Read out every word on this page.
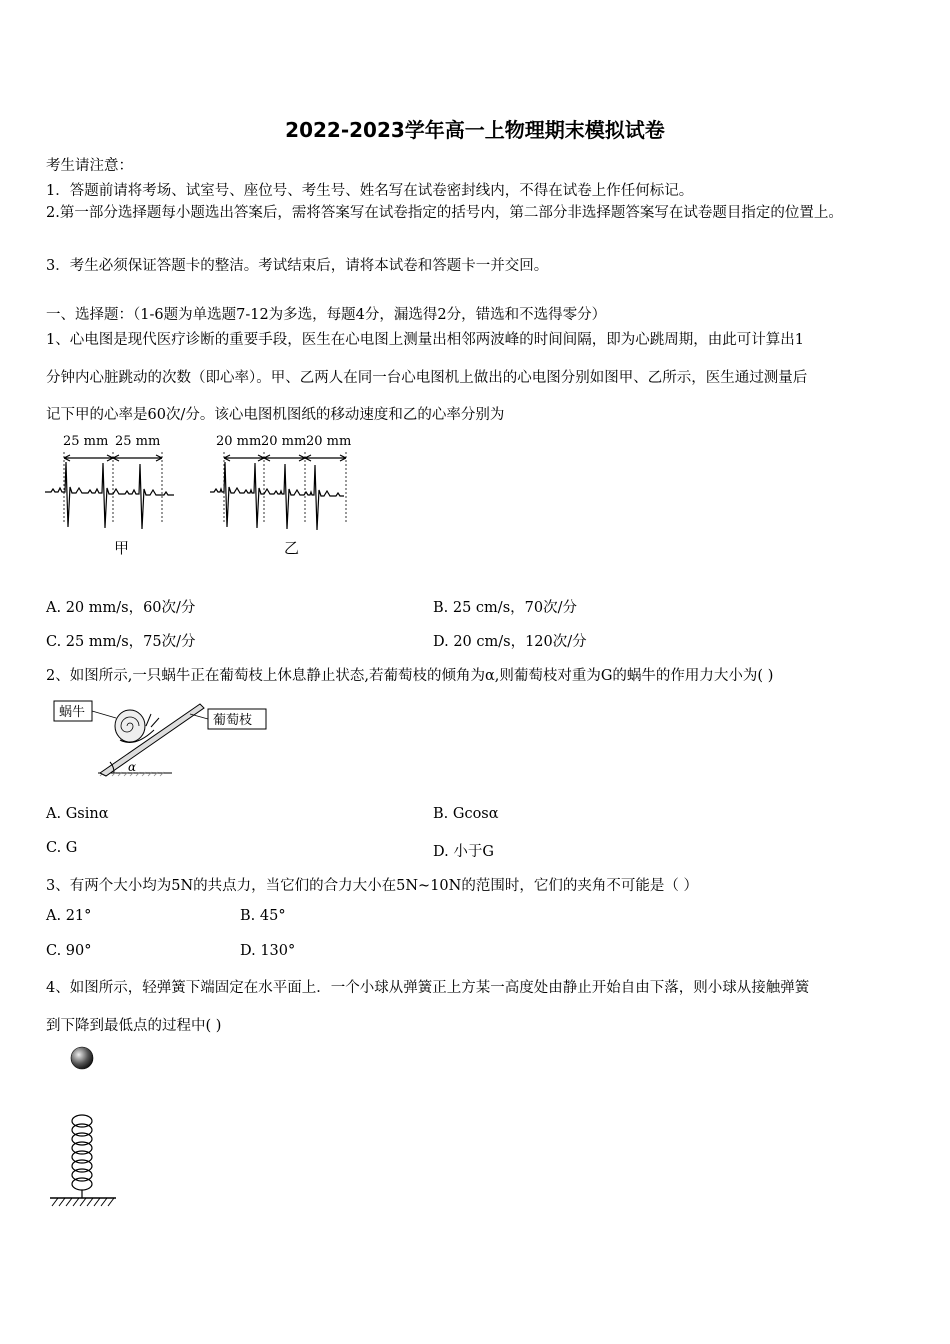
2022-2023学年高一上物理期末模拟试卷
考生请注意：
1．答题前请将考场、试室号、座位号、考生号、姓名写在试卷密封线内，不得在试卷上作任何标记。
2.第一部分选择题每小题选出答案后，需将答案写在试卷指定的括号内，第二部分非选择题答案写在试卷题目指定的位置上。
3．考生必须保证答题卡的整洁。考试结束后，请将本试卷和答题卡一并交回。
一、选择题：（1-6题为单选题7-12为多选，每题4分，漏选得2分，错选和不选得零分）
1、心电图是现代医疗诊断的重要手段，医生在心电图上测量出相邻两波峰的时间间隔，即为心跳周期，由此可计算出1
分钟内心脏跳动的次数（即心率）。甲、乙两人在同一台心电图机上做出的心电图分别如图甲、乙所示，医生通过测量后
记下甲的心率是60次/分。该心电图机图纸的移动速度和乙的心率分别为
25 mm 25 mm
甲
20 mm 20 mm 20 mm
乙
A. 20 mm/s，60次/分	B. 25 cm/s，70次/分
C. 25 mm/s，75次/分	D. 20 cm/s，120次/分
2、如图所示,一只蜗牛正在葡萄枝上休息静止状态,若葡萄枝的倾角为α,则葡萄枝对重为G的蜗牛的作用力大小为( )
α
蜗牛
葡萄枝
A. Gsinα	B. Gcosα
C. G	D. 小于G
3、有两个大小均为5N的共点力，当它们的合力大小在5N~10N的范围时，它们的夹角不可能是（ ）
A. 21°	B. 45°
C. 90°	D. 130°
4、如图所示，轻弹簧下端固定在水平面上．一个小球从弹簧正上方某一高度处由静止开始自由下落，则小球从接触弹簧
到下降到最低点的过程中( )
